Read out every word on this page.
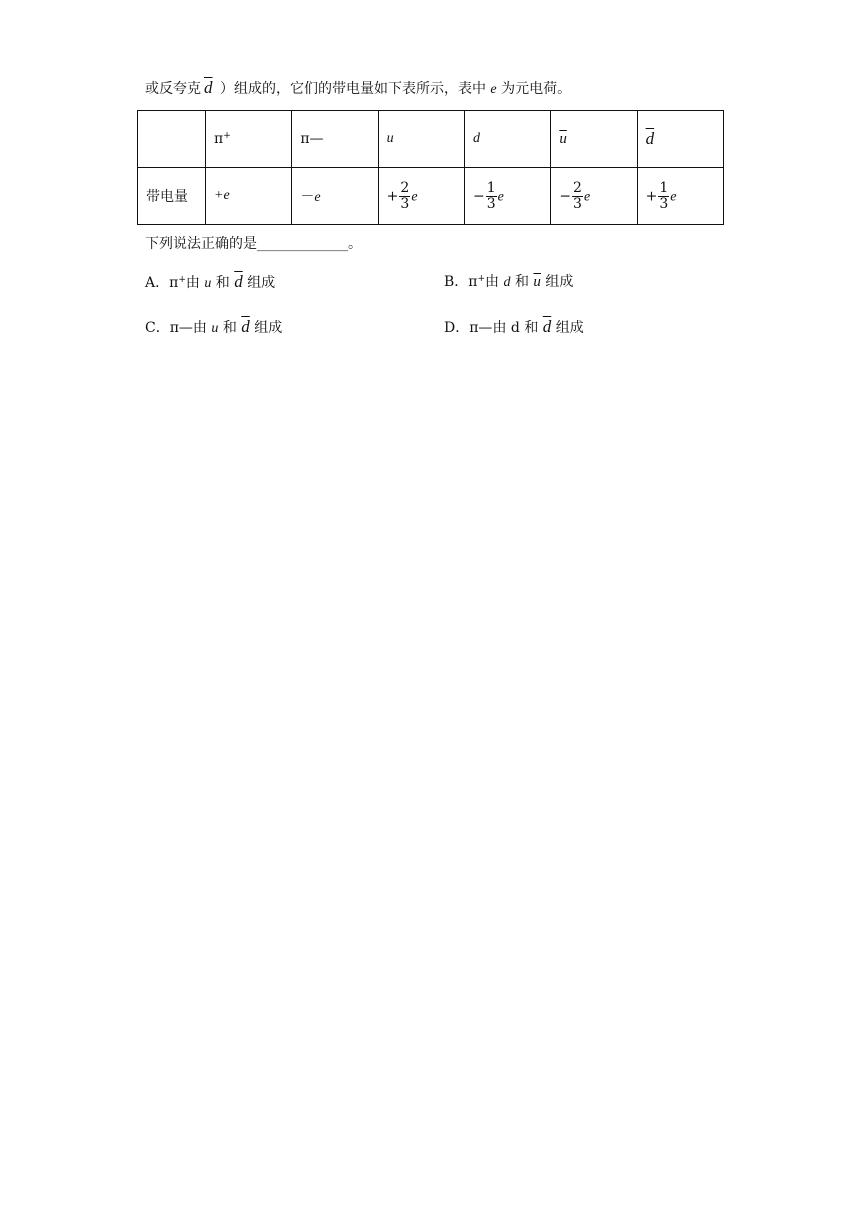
或反夸克 $\overline{d}$ ）组成的，它们的带电量如下表所示，表中 e 为元电荷。
	π+	π—	u	d	$\overline{u}$	$\overline{d}$
带电量	+e	－e	+ $\frac{2}{3}$ e	− $\frac{1}{3}$ e	− $\frac{2}{3}$ e	+ $\frac{1}{3}$ e
下列说法正确的是_____________。
A．π+由 u 和 $\overline{d}$ 组成	B．π+由 d 和 $\overline{u}$ 组成
C．π—由 u 和 $\overline{d}$ 组成	D．π—由 d 和 $\overline{d}$ 组成
